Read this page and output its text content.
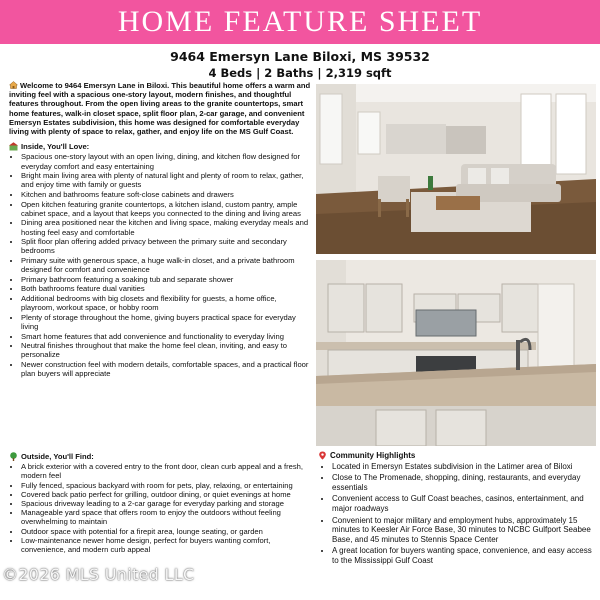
HOME FEATURE SHEET
9464 Emersyn Lane Biloxi, MS 39532
4 Beds | 2 Baths | 2,319 sqft

Welcome to 9464 Emersyn Lane in Biloxi. This beautiful home offers a warm and inviting feel with a spacious one-story layout, modern finishes, and thoughtful features throughout. From the open living areas to the granite countertops, smart home features, walk-in closet space, split floor plan, 2-car garage, and convenient Emersyn Estates subdivision, this home was designed for comfortable everyday living with plenty of space to relax, gather, and enjoy life on the MS Gulf Coast.

Inside, You'll Love:
• Spacious one-story layout with an open living, dining, and kitchen flow designed for everyday comfort and easy entertaining
• Bright main living area with plenty of natural light and plenty of room to relax, gather, and enjoy time with family or guests
• Kitchen and bathrooms feature soft-close cabinets and drawers
• Open kitchen featuring granite countertops, a kitchen island, custom pantry, ample cabinet space, and a layout that keeps you connected to the dining and living areas
• Dining area positioned near the kitchen and living space, making everyday meals and hosting feel easy and comfortable
• Split floor plan offering added privacy between the primary suite and secondary bedrooms
• Primary suite with generous space, a huge walk-in closet, and a private bathroom designed for comfort and convenience
• Primary bathroom featuring a soaking tub and separate shower
• Both bathrooms feature dual vanities
• Additional bedrooms with big closets and flexibility for guests, a home office, playroom, workout space, or hobby room
• Plenty of storage throughout the home, giving buyers practical space for everyday living
• Smart home features that add convenience and functionality to everyday living
• Neutral finishes throughout that make the home feel clean, inviting, and easy to personalize
• Newer construction feel with modern details, comfortable spaces, and a practical floor plan buyers will appreciate
Outside, You'll Find:
• A brick exterior with a covered entry to the front door, clean curb appeal and a fresh, modern feel
• Fully fenced, spacious backyard with room for pets, play, relaxing, or entertaining
• Covered back patio perfect for grilling, outdoor dining, or quiet evenings at home
• Spacious driveway leading to a 2-car garage for everyday parking and storage
• Manageable yard space that offers room to enjoy the outdoors without feeling overwhelming to maintain
• Outdoor space with potential for a firepit area, lounge seating, or garden
• Low-maintenance newer home design, perfect for buyers wanting comfort, convenience, and modern curb appeal
Community Highlights
• Located in Emersyn Estates subdivision in the Latimer area of Biloxi
• Close to The Promenade, shopping, dining, restaurants, and everyday essentials
• Convenient access to Gulf Coast beaches, casinos, entertainment, and major roadways
• Convenient to major military and employment hubs, approximately 15 minutes to Keesler Air Force Base, 30 minutes to NCBC Gulfport Seabee Base, and 45 minutes to Stennis Space Center
• A great location for buyers wanting space, convenience, and easy access to the Mississippi Gulf Coast
©2026 MLS United LLC
